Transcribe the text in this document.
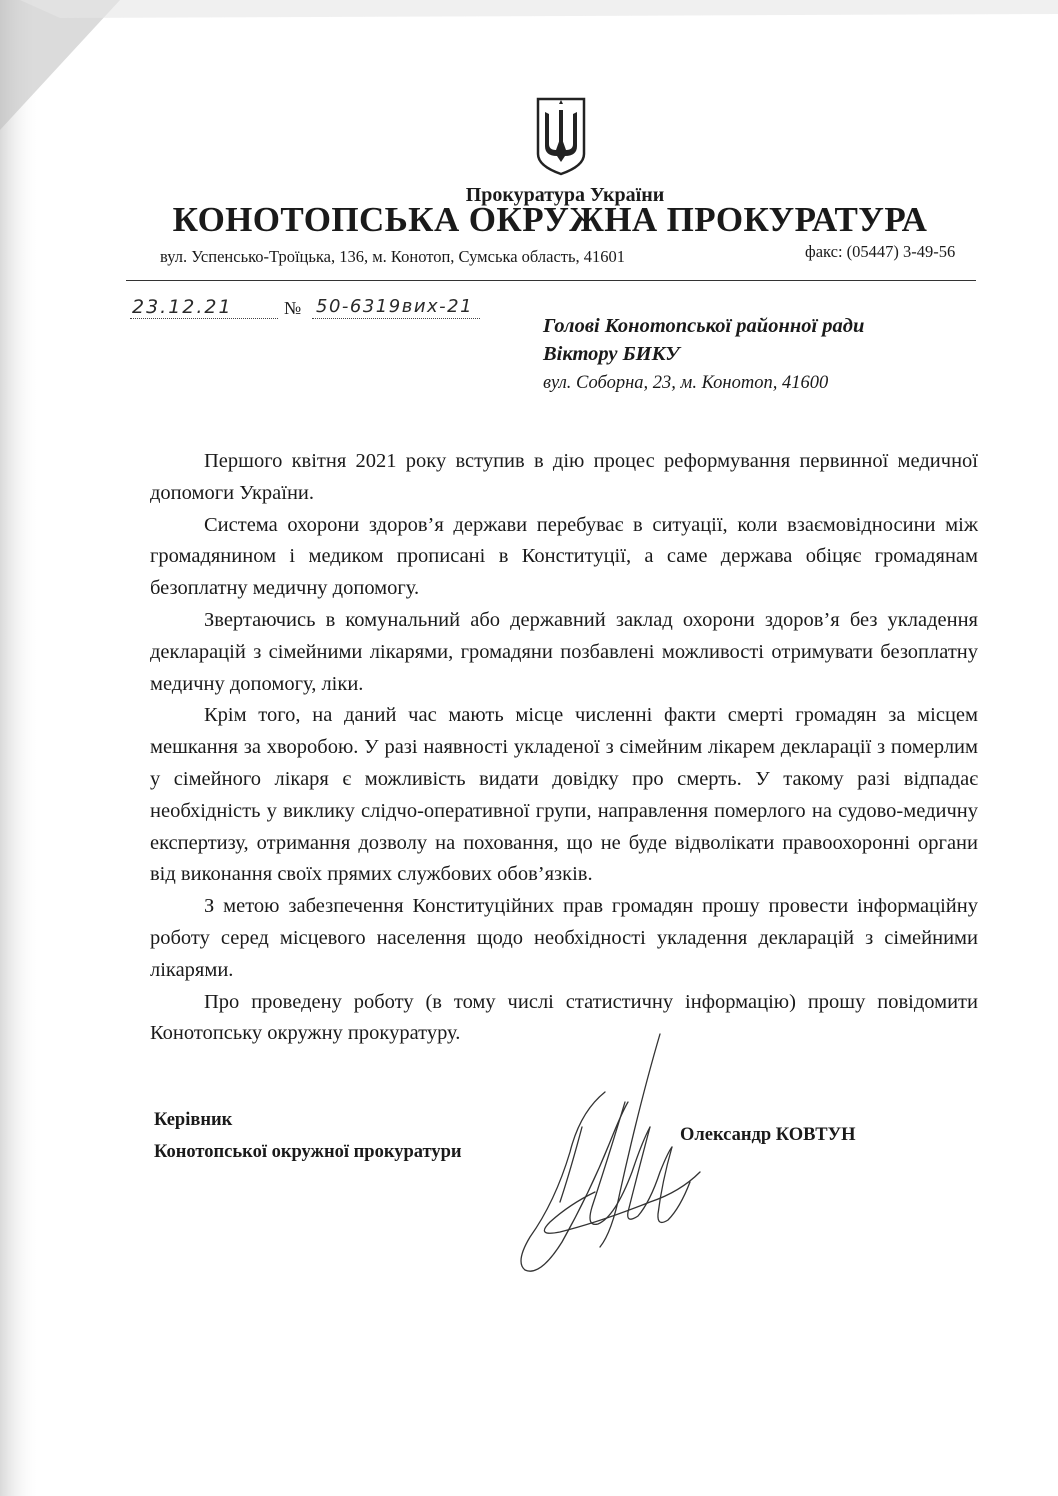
Прокуратура України
КОНОТОПСЬКА ОКРУЖНА ПРОКУРАТУРА
вул. Успенсько-Троїцька, 136, м. Конотоп, Сумська область, 41601	факс: (05447) 3-49-56
23.12.21	№ 50-6319вих-21
Голові Конотопської районної ради
Віктору БИКУ
вул. Соборна, 23, м. Конотоп, 41600

Першого квітня 2021 року вступив в дію процес реформування первинної медичної допомоги України.

Система охорони здоров’я держави перебуває в ситуації, коли взаємовідносини між громадянином і медиком прописані в Конституції, а саме держава обіцяє громадянам безоплатну медичну допомогу.

Звертаючись в комунальний або державний заклад охорони здоров’я без укладення декларацій з сімейними лікарями, громадяни позбавлені можливості отримувати безоплатну медичну допомогу, ліки.

Крім того, на даний час мають місце численні факти смерті громадян за місцем мешкання за хворобою. У разі наявності укладеної з сімейним лікарем декларації з померлим у сімейного лікаря є можливість видати довідку про смерть. У такому разі відпадає необхідність у виклику слідчо-оперативної групи, направлення померлого на судово-медичну експертизу, отримання дозволу на поховання, що не буде відволікати правоохоронні органи від виконання своїх прямих службових обов’язків.

З метою забезпечення Конституційних прав громадян прошу провести інформаційну роботу серед місцевого населення щодо необхідності укладення декларацій з сімейними лікарями.

Про проведену роботу (в тому числі статистичну інформацію) прошу повідомити Конотопську окружну прокуратуру.

Керівник
Конотопської окружної прокуратури
Олександр КОВТУН
